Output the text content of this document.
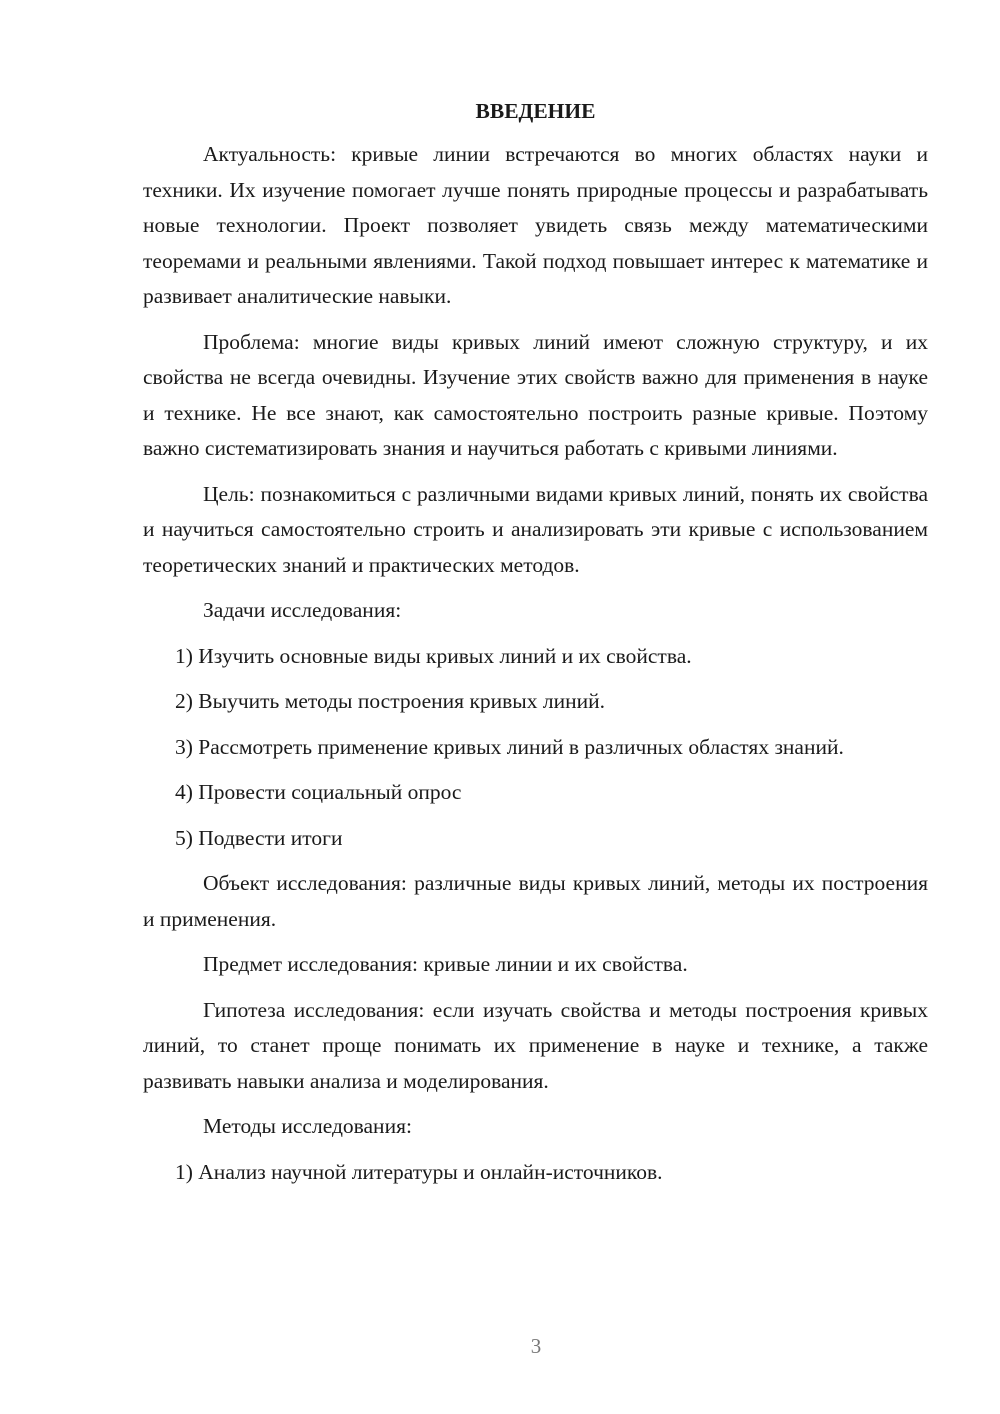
ВВЕДЕНИЕ

Актуальность: кривые линии встречаются во многих областях науки и техники. Их изучение помогает лучше понять природные процессы и разрабатывать новые технологии. Проект позволяет увидеть связь между математическими теоремами и реальными явлениями. Такой подход повышает интерес к математике и развивает аналитические навыки.

Проблема: многие виды кривых линий имеют сложную структуру, и их свойства не всегда очевидны. Изучение этих свойств важно для применения в науке и технике. Не все знают, как самостоятельно построить разные кривые. Поэтому важно систематизировать знания и научиться работать с кривыми линиями.

Цель: познакомиться с различными видами кривых линий, понять их свойства и научиться самостоятельно строить и анализировать эти кривые с использованием теоретических знаний и практических методов.

Задачи исследования:

1) Изучить основные виды кривых линий и их свойства.

2) Выучить методы построения кривых линий.

3) Рассмотреть применение кривых линий в различных областях знаний.

4) Провести социальный опрос

5) Подвести итоги

Объект исследования: различные виды кривых линий, методы их построения и применения.

Предмет исследования: кривые линии и их свойства.

Гипотеза исследования: если изучать свойства и методы построения кривых линий, то станет проще понимать их применение в науке и технике, а также развивать навыки анализа и моделирования.

Методы исследования:

1) Анализ научной литературы и онлайн-источников.

3
